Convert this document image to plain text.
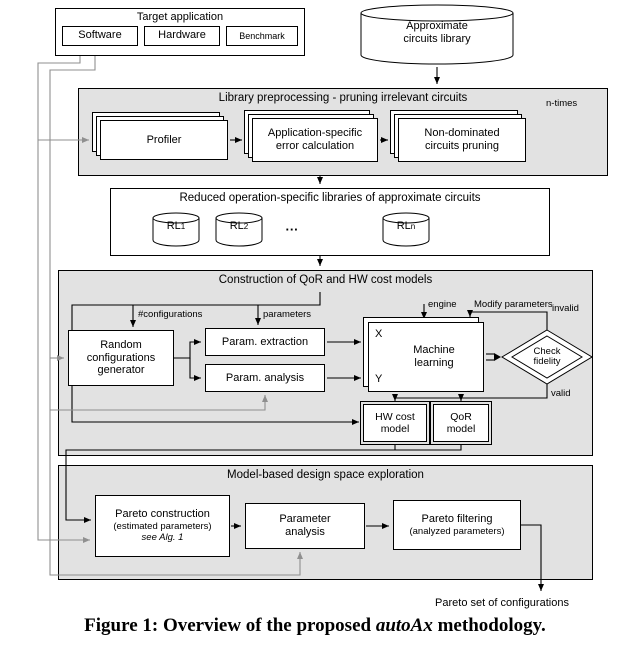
Library preprocessing - pruning irrelevant circuits
Construction of QoR and HW cost models
Model-based design space exploration
Target application
Software	Hardware	Benchmark
Approximate
circuits library
n-times
Profiler
Application-specific
error calculation
Non-dominated
circuits pruning
Reduced operation-specific libraries of approximate circuits
RL 1	RL 2	···	RL n
#configurations	parameters
engine Modify parameters invalid
valid
Random
configurations
generator
Param. extraction
Param. analysis
X
Y
Machine
learning
Check
fidelity
HW cost
model
QoR
model
Pareto construction
(estimated parameters)
see Alg. 1
Parameter
analysis
Pareto filtering
(analyzed parameters)
Pareto set of configurations
Figure 1: Overview of the proposed autoAx methodology.
